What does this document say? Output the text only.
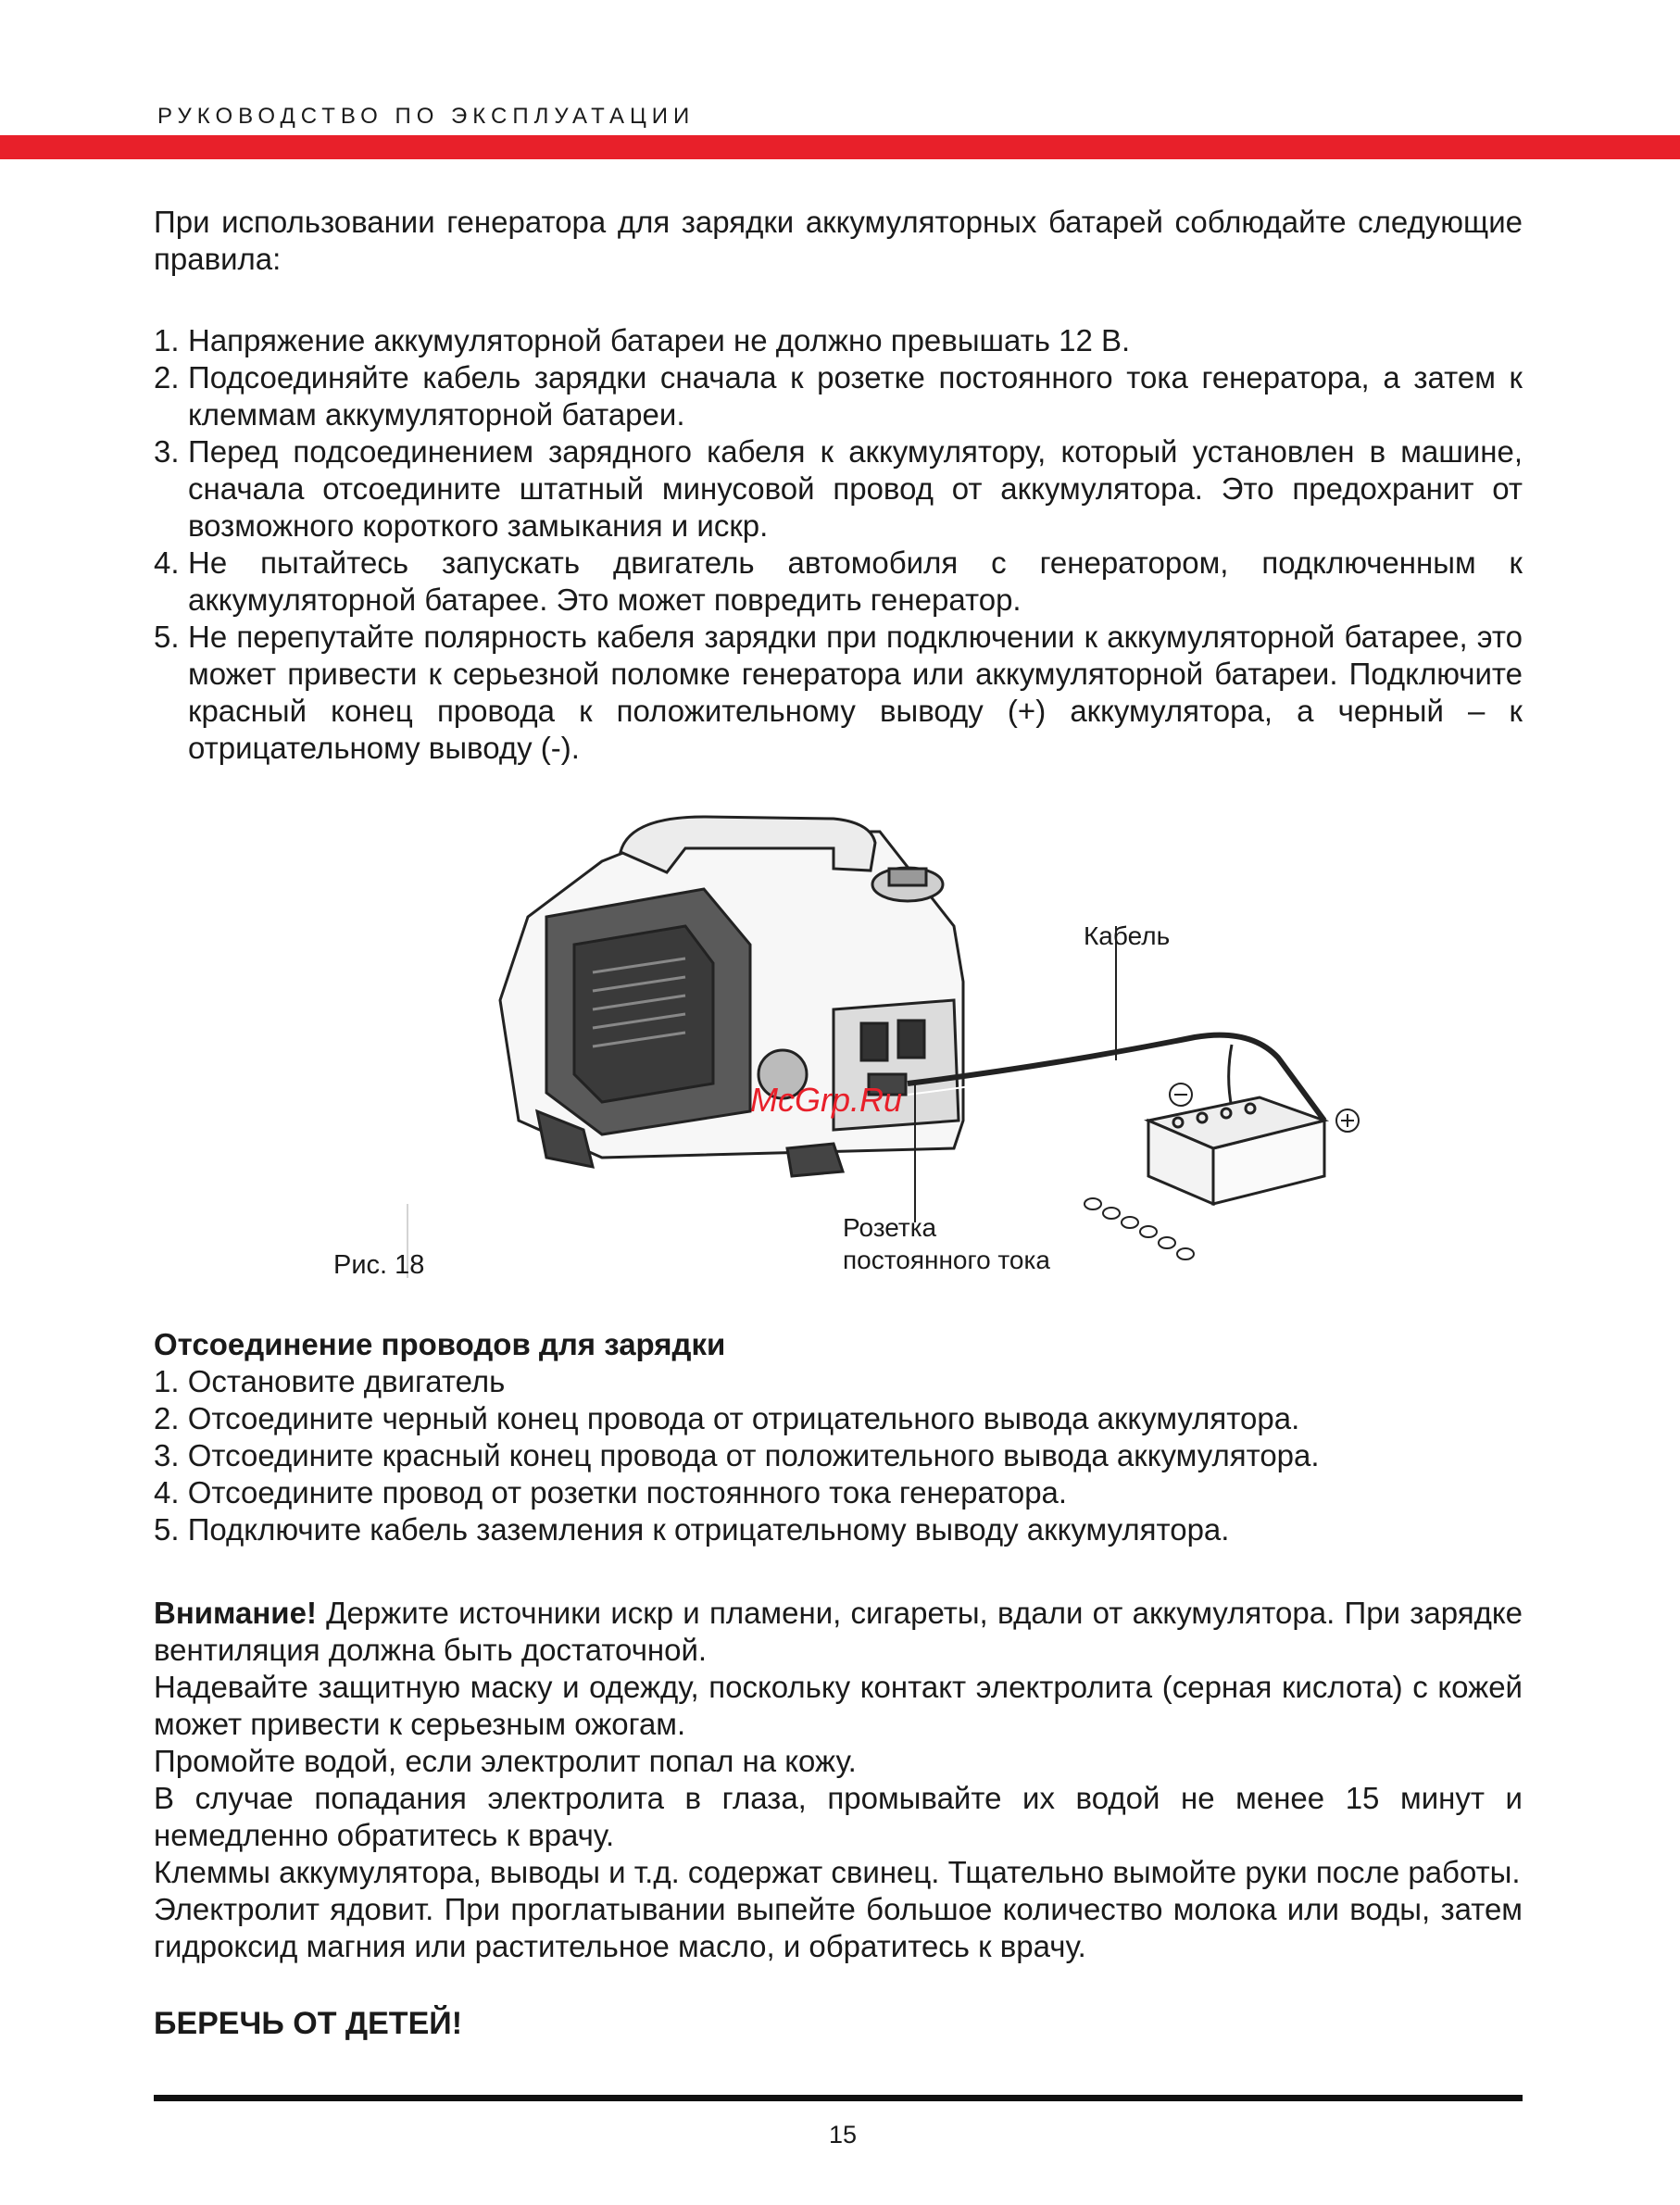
РУКОВОДСТВО ПО ЭКСПЛУАТАЦИИ

При использовании генератора для зарядки аккумуляторных батарей соблюдайте следующие правила:

1. Напряжение аккумуляторной батареи не должно превышать 12 В.
2. Подсоединяйте кабель зарядки сначала к розетке постоянного тока генератора, а затем к клеммам аккумуляторной батареи.
3. Перед подсоединением зарядного кабеля к аккумулятору, который установлен в машине, сначала отсоедините штатный минусовой провод от аккумулятора. Это предохранит от возможного короткого замыкания и искр.
4. Не пытайтесь запускать двигатель автомобиля с генератором, подключенным к аккумуляторной батарее. Это может повредить генератор.
5. Не перепутайте полярность кабеля зарядки при подключении к аккумуляторной батарее, это может привести к серьезной поломке генератора или аккумуляторной батареи. Подключите красный конец провода к положительному выводу (+) аккумулятора, а черный – к отрицательному выводу (-).
Кабель
Розетка
постоянного тока
McGrp.Ru
Рис. 18
Отсоединение проводов для зарядки
1. Остановите двигатель
2. Отсоедините черный конец провода от отрицательного вывода аккумулятора.
3. Отсоедините красный конец провода от положительного вывода аккумулятора.
4. Отсоедините провод от розетки постоянного тока генератора.
5. Подключите кабель заземления к отрицательному выводу аккумулятора.

Внимание! Держите источники искр и пламени, сигареты, вдали от аккумулятора. При зарядке вентиляция должна быть достаточной.

Надевайте защитную маску и одежду, поскольку контакт электролита (серная кислота) с кожей может привести к серьезным ожогам.

Промойте водой, если электролит попал на кожу.

В случае попадания электролита в глаза, промывайте их водой не менее 15 минут и немедленно обратитесь к врачу.

Клеммы аккумулятора, выводы и т.д. содержат свинец. Тщательно вымойте руки после работы.

Электролит ядовит. При проглатывании выпейте большое количество молока или воды, затем гидроксид магния или растительное масло, и обратитесь к врачу.

БЕРЕЧЬ ОТ ДЕТЕЙ!
15
